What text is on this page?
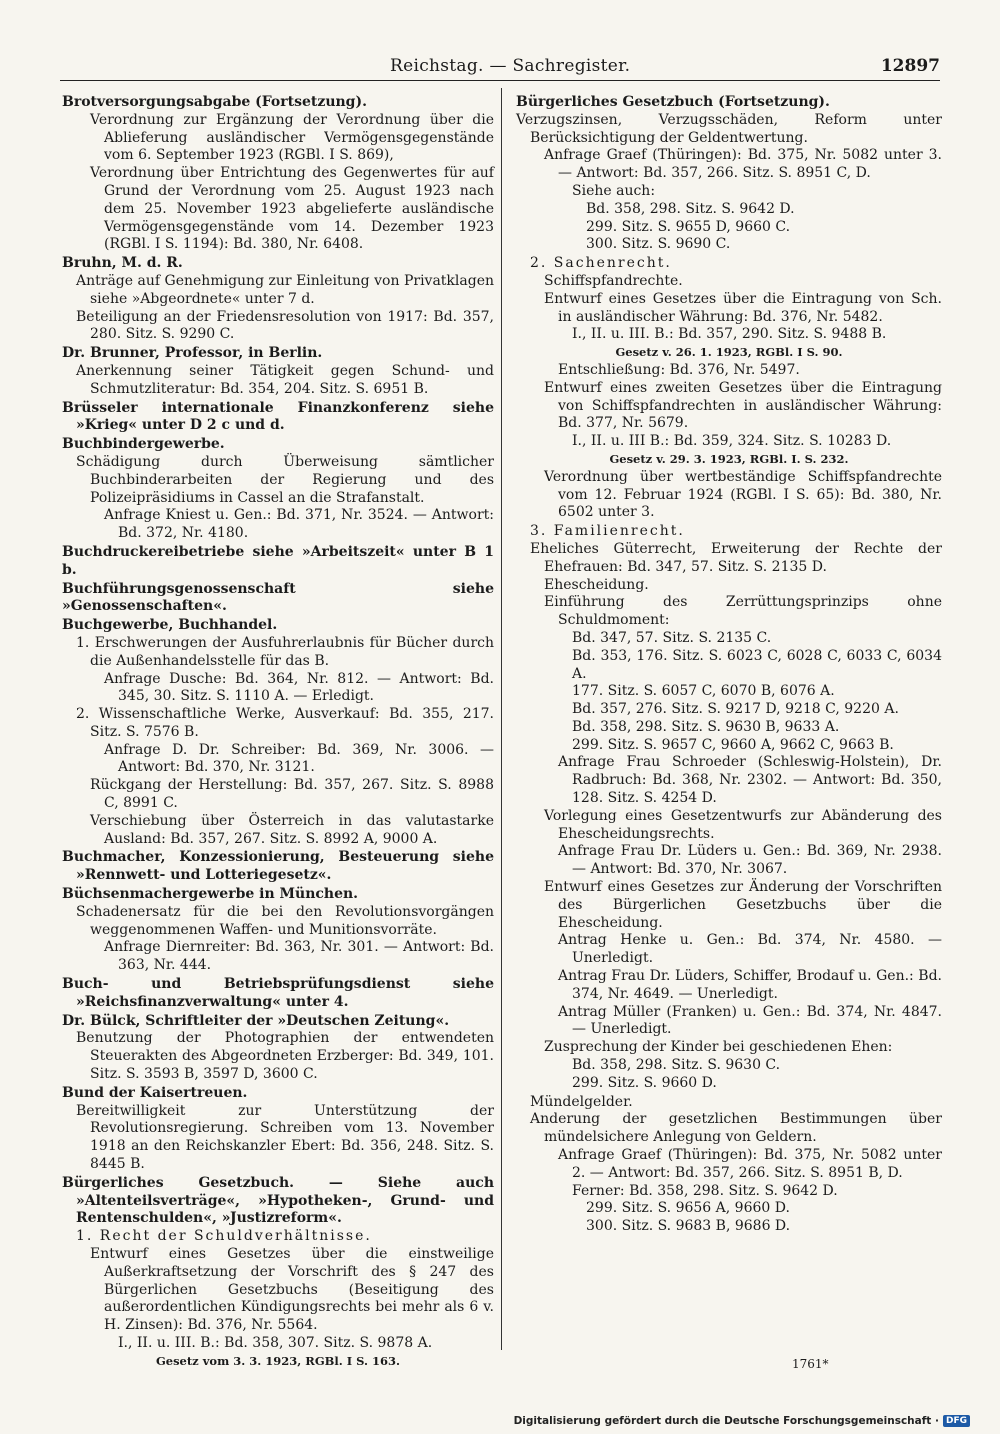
Reichstag. — Sachregister.	12897

Brotversorgungsabgabe (Fortsetzung).

Verordnung zur Ergänzung der Verordnung über die Ablieferung ausländischer Vermögensgegenstände vom 6. September 1923 (RGBl. I S. 869),

Verordnung über Entrichtung des Gegenwertes für auf Grund der Verordnung vom 25. August 1923 nach dem 25. November 1923 abgelieferte ausländische Vermögensgegenstände vom 14. Dezember 1923 (RGBl. I S. 1194): Bd. 380, Nr. 6408.

Bruhn, M. d. R.

Anträge auf Genehmigung zur Einleitung von Privatklagen siehe »Abgeordnete« unter 7 d.

Beteiligung an der Friedensresolution von 1917: Bd. 357, 280. Sitz. S. 9290 C.

Dr. Brunner, Professor, in Berlin.

Anerkennung seiner Tätigkeit gegen Schund- und Schmutzliteratur: Bd. 354, 204. Sitz. S. 6951 B.

Brüsseler internationale Finanzkonferenz siehe »Krieg« unter D 2 c und d.

Buchbindergewerbe.

Schädigung durch Überweisung sämtlicher Buchbinderarbeiten der Regierung und des Polizeipräsidiums in Cassel an die Strafanstalt.

Anfrage Kniest u. Gen.: Bd. 371, Nr. 3524. — Antwort: Bd. 372, Nr. 4180.

Buchdruckereibetriebe siehe »Arbeitszeit« unter B 1 b.

Buchführungsgenossenschaft siehe »Genossenschaften«.

Buchgewerbe, Buchhandel.

1. Erschwerungen der Ausfuhrerlaubnis für Bücher durch die Außenhandelsstelle für das B.

Anfrage Dusche: Bd. 364, Nr. 812. — Antwort: Bd. 345, 30. Sitz. S. 1110 A. — Erledigt.

2. Wissenschaftliche Werke, Ausverkauf: Bd. 355, 217. Sitz. S. 7576 B.

Anfrage D. Dr. Schreiber: Bd. 369, Nr. 3006. — Antwort: Bd. 370, Nr. 3121.

Rückgang der Herstellung: Bd. 357, 267. Sitz. S. 8988 C, 8991 C.

Verschiebung über Österreich in das valutastarke Ausland: Bd. 357, 267. Sitz. S. 8992 A, 9000 A.

Buchmacher, Konzessionierung, Besteuerung siehe »Rennwett- und Lotteriegesetz«.

Büchsenmachergewerbe in München.

Schadenersatz für die bei den Revolutionsvorgängen weggenommenen Waffen- und Munitionsvorräte.

Anfrage Diernreiter: Bd. 363, Nr. 301. — Antwort: Bd. 363, Nr. 444.

Buch- und Betriebsprüfungsdienst siehe »Reichsfinanzverwaltung« unter 4.

Dr. Bülck, Schriftleiter der »Deutschen Zeitung«.

Benutzung der Photographien der entwendeten Steuerakten des Abgeordneten Erzberger: Bd. 349, 101. Sitz. S. 3593 B, 3597 D, 3600 C.

Bund der Kaisertreuen.

Bereitwilligkeit zur Unterstützung der Revolutionsregierung. Schreiben vom 13. November 1918 an den Reichskanzler Ebert: Bd. 356, 248. Sitz. S. 8445 B.

Bürgerliches Gesetzbuch. — Siehe auch »Altenteilsverträge«, »Hypotheken-, Grund- und Rentenschulden«, »Justizreform«.

1. Recht der Schuldverhältnisse.

Entwurf eines Gesetzes über die einstweilige Außerkraftsetzung der Vorschrift des § 247 des Bürgerlichen Gesetzbuchs (Beseitigung des außerordentlichen Kündigungsrechts bei mehr als 6 v. H. Zinsen): Bd. 376, Nr. 5564.

I., II. u. III. B.: Bd. 358, 307. Sitz. S. 9878 A.

Gesetz vom 3. 3. 1923, RGBl. I S. 163.

Bürgerliches Gesetzbuch (Fortsetzung).

Verzugszinsen, Verzugsschäden, Reform unter Berücksichtigung der Geldentwertung.

Anfrage Graef (Thüringen): Bd. 375, Nr. 5082 unter 3. — Antwort: Bd. 357, 266. Sitz. S. 8951 C, D.

Siehe auch:

Bd. 358, 298. Sitz. S. 9642 D.

299. Sitz. S. 9655 D, 9660 C.

300. Sitz. S. 9690 C.

2. Sachenrecht.

Schiffspfandrechte.

Entwurf eines Gesetzes über die Eintragung von Sch. in ausländischer Währung: Bd. 376, Nr. 5482.

I., II. u. III. B.: Bd. 357, 290. Sitz. S. 9488 B.

Gesetz v. 26. 1. 1923, RGBl. I S. 90.

Entschließung: Bd. 376, Nr. 5497.

Entwurf eines zweiten Gesetzes über die Eintragung von Schiffspfandrechten in ausländischer Währung: Bd. 377, Nr. 5679.

I., II. u. III B.: Bd. 359, 324. Sitz. S. 10283 D.

Gesetz v. 29. 3. 1923, RGBl. I. S. 232.

Verordnung über wertbeständige Schiffspfandrechte vom 12. Februar 1924 (RGBl. I S. 65): Bd. 380, Nr. 6502 unter 3.

3. Familienrecht.

Eheliches Güterrecht, Erweiterung der Rechte der Ehefrauen: Bd. 347, 57. Sitz. S. 2135 D.

Ehescheidung.

Einführung des Zerrüttungsprinzips ohne Schuldmoment:

Bd. 347, 57. Sitz. S. 2135 C.

Bd. 353, 176. Sitz. S. 6023 C, 6028 C, 6033 C, 6034 A.

177. Sitz. S. 6057 C, 6070 B, 6076 A.

Bd. 357, 276. Sitz. S. 9217 D, 9218 C, 9220 A.

Bd. 358, 298. Sitz. S. 9630 B, 9633 A.

299. Sitz. S. 9657 C, 9660 A, 9662 C, 9663 B.

Anfrage Frau Schroeder (Schleswig-Holstein), Dr. Radbruch: Bd. 368, Nr. 2302. — Antwort: Bd. 350, 128. Sitz. S. 4254 D.

Vorlegung eines Gesetzentwurfs zur Abänderung des Ehescheidungsrechts.

Anfrage Frau Dr. Lüders u. Gen.: Bd. 369, Nr. 2938. — Antwort: Bd. 370, Nr. 3067.

Entwurf eines Gesetzes zur Änderung der Vorschriften des Bürgerlichen Gesetzbuchs über die Ehescheidung.

Antrag Henke u. Gen.: Bd. 374, Nr. 4580. — Unerledigt.

Antrag Frau Dr. Lüders, Schiffer, Brodauf u. Gen.: Bd. 374, Nr. 4649. — Unerledigt.

Antrag Müller (Franken) u. Gen.: Bd. 374, Nr. 4847. — Unerledigt.

Zusprechung der Kinder bei geschiedenen Ehen:

Bd. 358, 298. Sitz. S. 9630 C.

299. Sitz. S. 9660 D.

Mündelgelder.

Anderung der gesetzlichen Bestimmungen über mündelsichere Anlegung von Geldern.

Anfrage Graef (Thüringen): Bd. 375, Nr. 5082 unter 2. — Antwort: Bd. 357, 266. Sitz. S. 8951 B, D.

Ferner: Bd. 358, 298. Sitz. S. 9642 D.

299. Sitz. S. 9656 A, 9660 D.

300. Sitz. S. 9683 B, 9686 D.

1761*
Digitalisierung gefördert durch die Deutsche Forschungsgemeinschaft · DFG
